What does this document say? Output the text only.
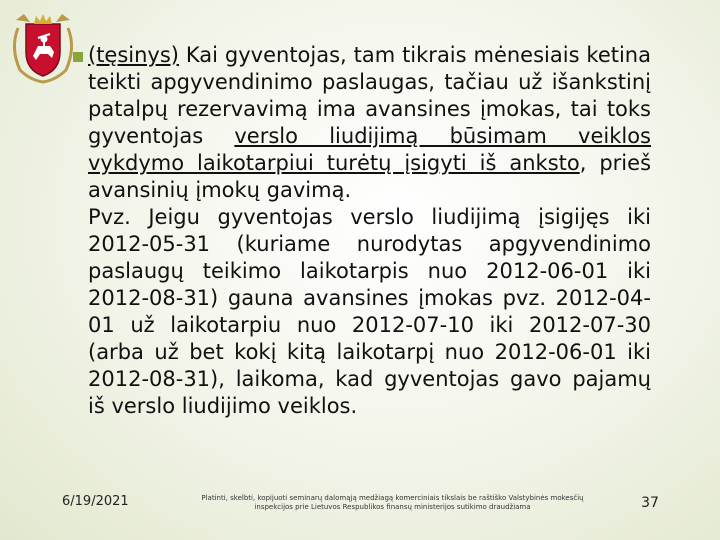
(tęsinys) Kai gyventojas, tam tikrais mėnesiais ketina teikti apgyvendinimo paslaugas, tačiau už išankstinį patalpų rezervavimą ima avansines įmokas, tai toks gyventojas verslo liudijimą būsimam veiklos vykdymo laikotarpiui turėtų įsigyti iš anksto, prieš avansinių įmokų gavimą.

Pvz. Jeigu gyventojas verslo liudijimą įsigijęs iki 2012-05-31 (kuriame nurodytas apgyvendinimo paslaugų teikimo laikotarpis nuo 2012-06-01 iki 2012-08-31) gauna avansines įmokas pvz. 2012-04-01 už laikotarpiu nuo 2012-07-10 iki 2012-07-30 (arba už bet kokį kitą laikotarpį nuo 2012-06-01 iki 2012-08-31), laikoma, kad gyventojas gavo pajamų iš verslo liudijimo veiklos.

6/19/2021	Platinti, skelbti, kopijuoti seminarų dalomąją medžiagą komerciniais tikslais be raštiško Valstybinės mokesčių inspekcijos prie Lietuvos Respublikos finansų ministerijos sutikimo draudžiama	37
